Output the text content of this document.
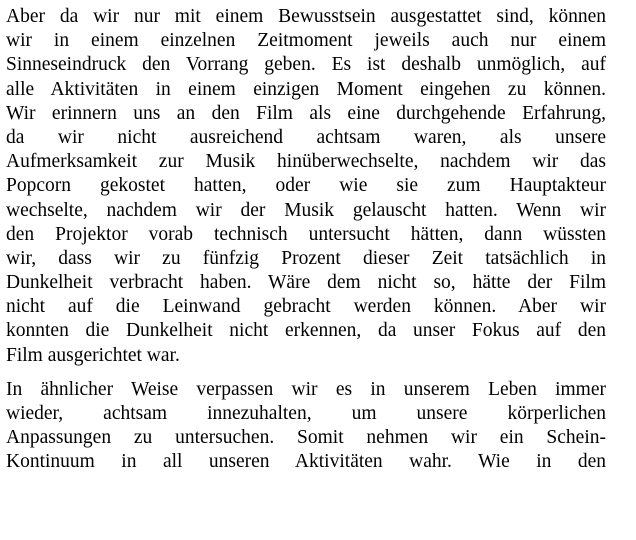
Aber da wir nur mit einem Bewusstsein ausgestattet sind, können
wir in einem einzelnen Zeitmoment jeweils auch nur einem
Sinneseindruck den Vorrang geben. Es ist deshalb unmöglich, auf
alle Aktivitäten in einem einzigen Moment eingehen zu können.
Wir erinnern uns an den Film als eine durchgehende Erfahrung,
da wir nicht ausreichend achtsam waren, als unsere
Aufmerksamkeit zur Musik hinüberwechselte, nachdem wir das
Popcorn gekostet hatten, oder wie sie zum Hauptakteur
wechselte, nachdem wir der Musik gelauscht hatten. Wenn wir
den Projektor vorab technisch untersucht hätten, dann wüssten
wir, dass wir zu fünfzig Prozent dieser Zeit tatsächlich in
Dunkelheit verbracht haben. Wäre dem nicht so, hätte der Film
nicht auf die Leinwand gebracht werden können. Aber wir
konnten die Dunkelheit nicht erkennen, da unser Fokus auf den
Film ausgerichtet war.

In ähnlicher Weise verpassen wir es in unserem Leben immer
wieder, achtsam innezuhalten, um unsere körperlichen
Anpassungen zu untersuchen. Somit nehmen wir ein Schein-
Kontinuum in all unseren Aktivitäten wahr. Wie in den
